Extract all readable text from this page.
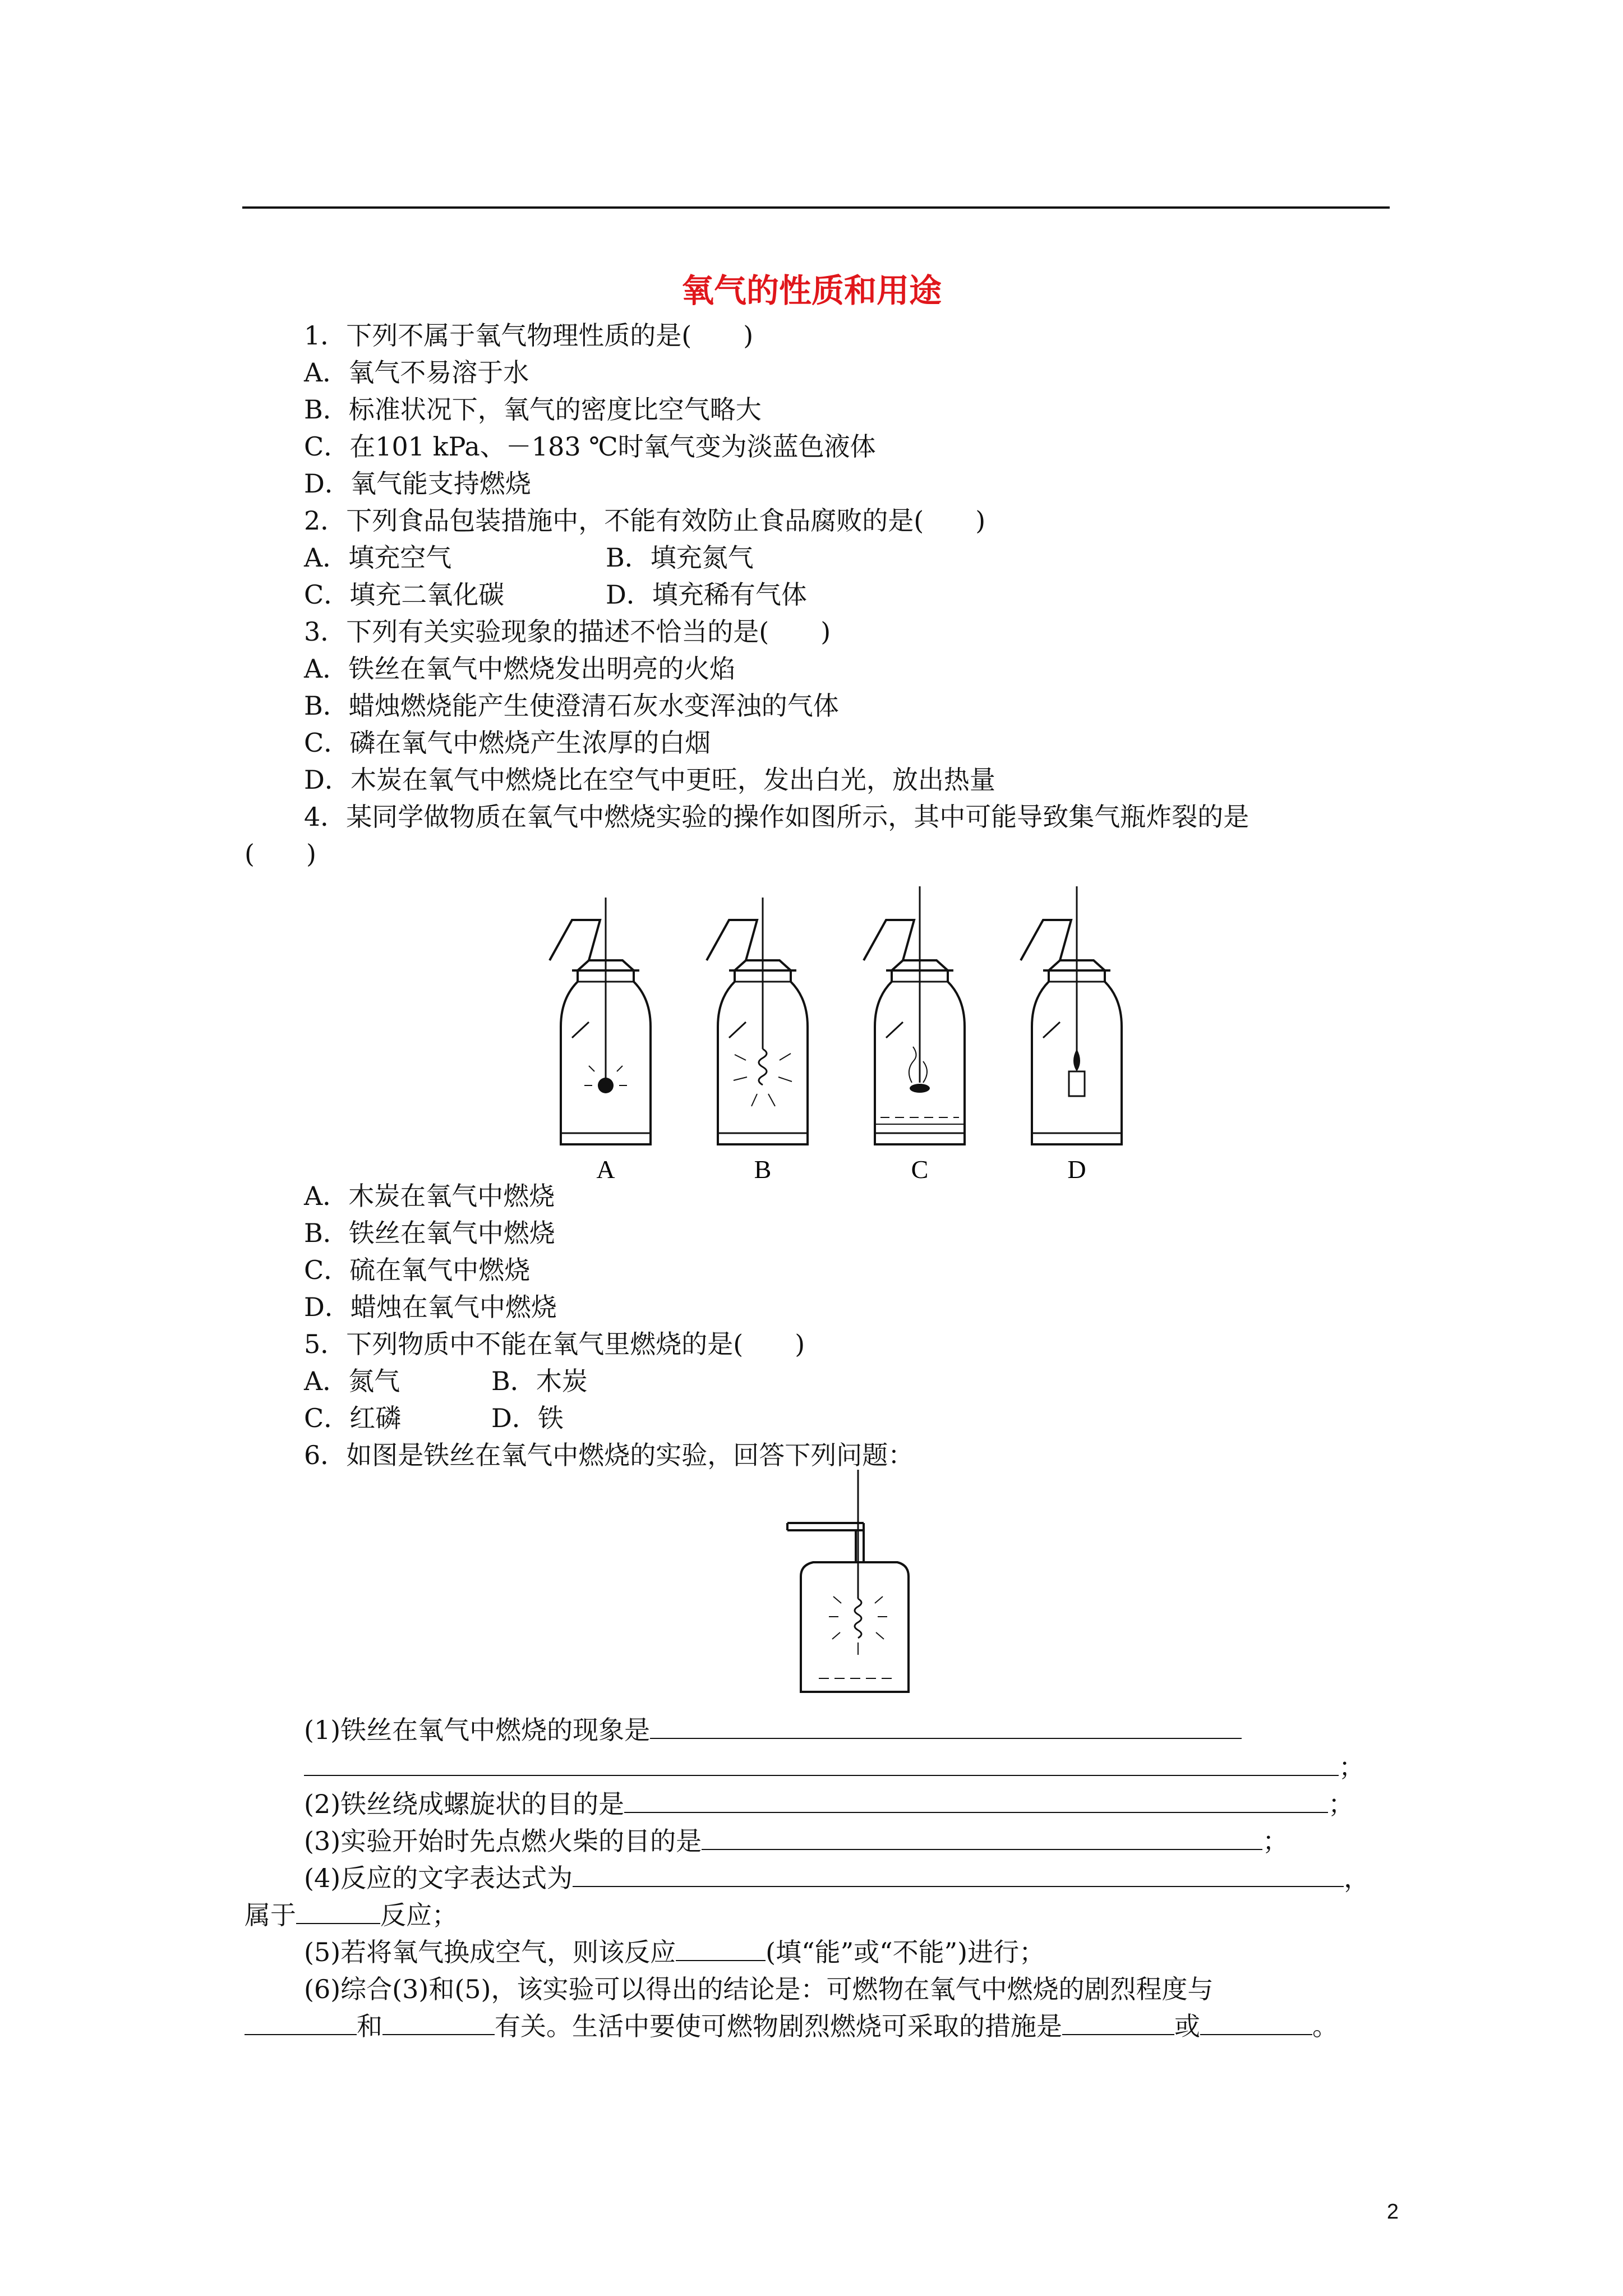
氧气的性质和用途
1．下列不属于氧气物理性质的是(　　)
A．氧气不易溶于水
B．标准状况下，氧气的密度比空气略大
C．在101 kPa、－183 ℃时氧气变为淡蓝色液体
D．氧气能支持燃烧
2．下列食品包装措施中，不能有效防止食品腐败的是(　　)
A．填充空气	B．填充氮气
C．填充二氧化碳	D．填充稀有气体
3．下列有关实验现象的描述不恰当的是(　　)
A．铁丝在氧气中燃烧发出明亮的火焰
B．蜡烛燃烧能产生使澄清石灰水变浑浊的气体
C．磷在氧气中燃烧产生浓厚的白烟
D．木炭在氧气中燃烧比在空气中更旺，发出白光，放出热量
4．某同学做物质在氧气中燃烧实验的操作如图所示，其中可能导致集气瓶炸裂的是
(　　)
A	B	C	D
A．木炭在氧气中燃烧
B．铁丝在氧气中燃烧
C．硫在氧气中燃烧
D．蜡烛在氧气中燃烧
5．下列物质中不能在氧气里燃烧的是(　　)
A．氮气	B．木炭
C．红磷	D．铁
6．如图是铁丝在氧气中燃烧的实验，回答下列问题：
(1)铁丝在氧气中燃烧的现象是
；
(2)铁丝绕成螺旋状的目的是	；
(3)实验开始时先点燃火柴的目的是	；
(4)反应的文字表达式为	，
属于	反应；
(5)若将氧气换成空气，则该反应	(填“能”或“不能”)进行；
(6)综合(3)和(5)，该实验可以得出的结论是：可燃物在氧气中燃烧的剧烈程度与
和	有关。生活中要使可燃物剧烈燃烧可采取的措施是	或	。
2
